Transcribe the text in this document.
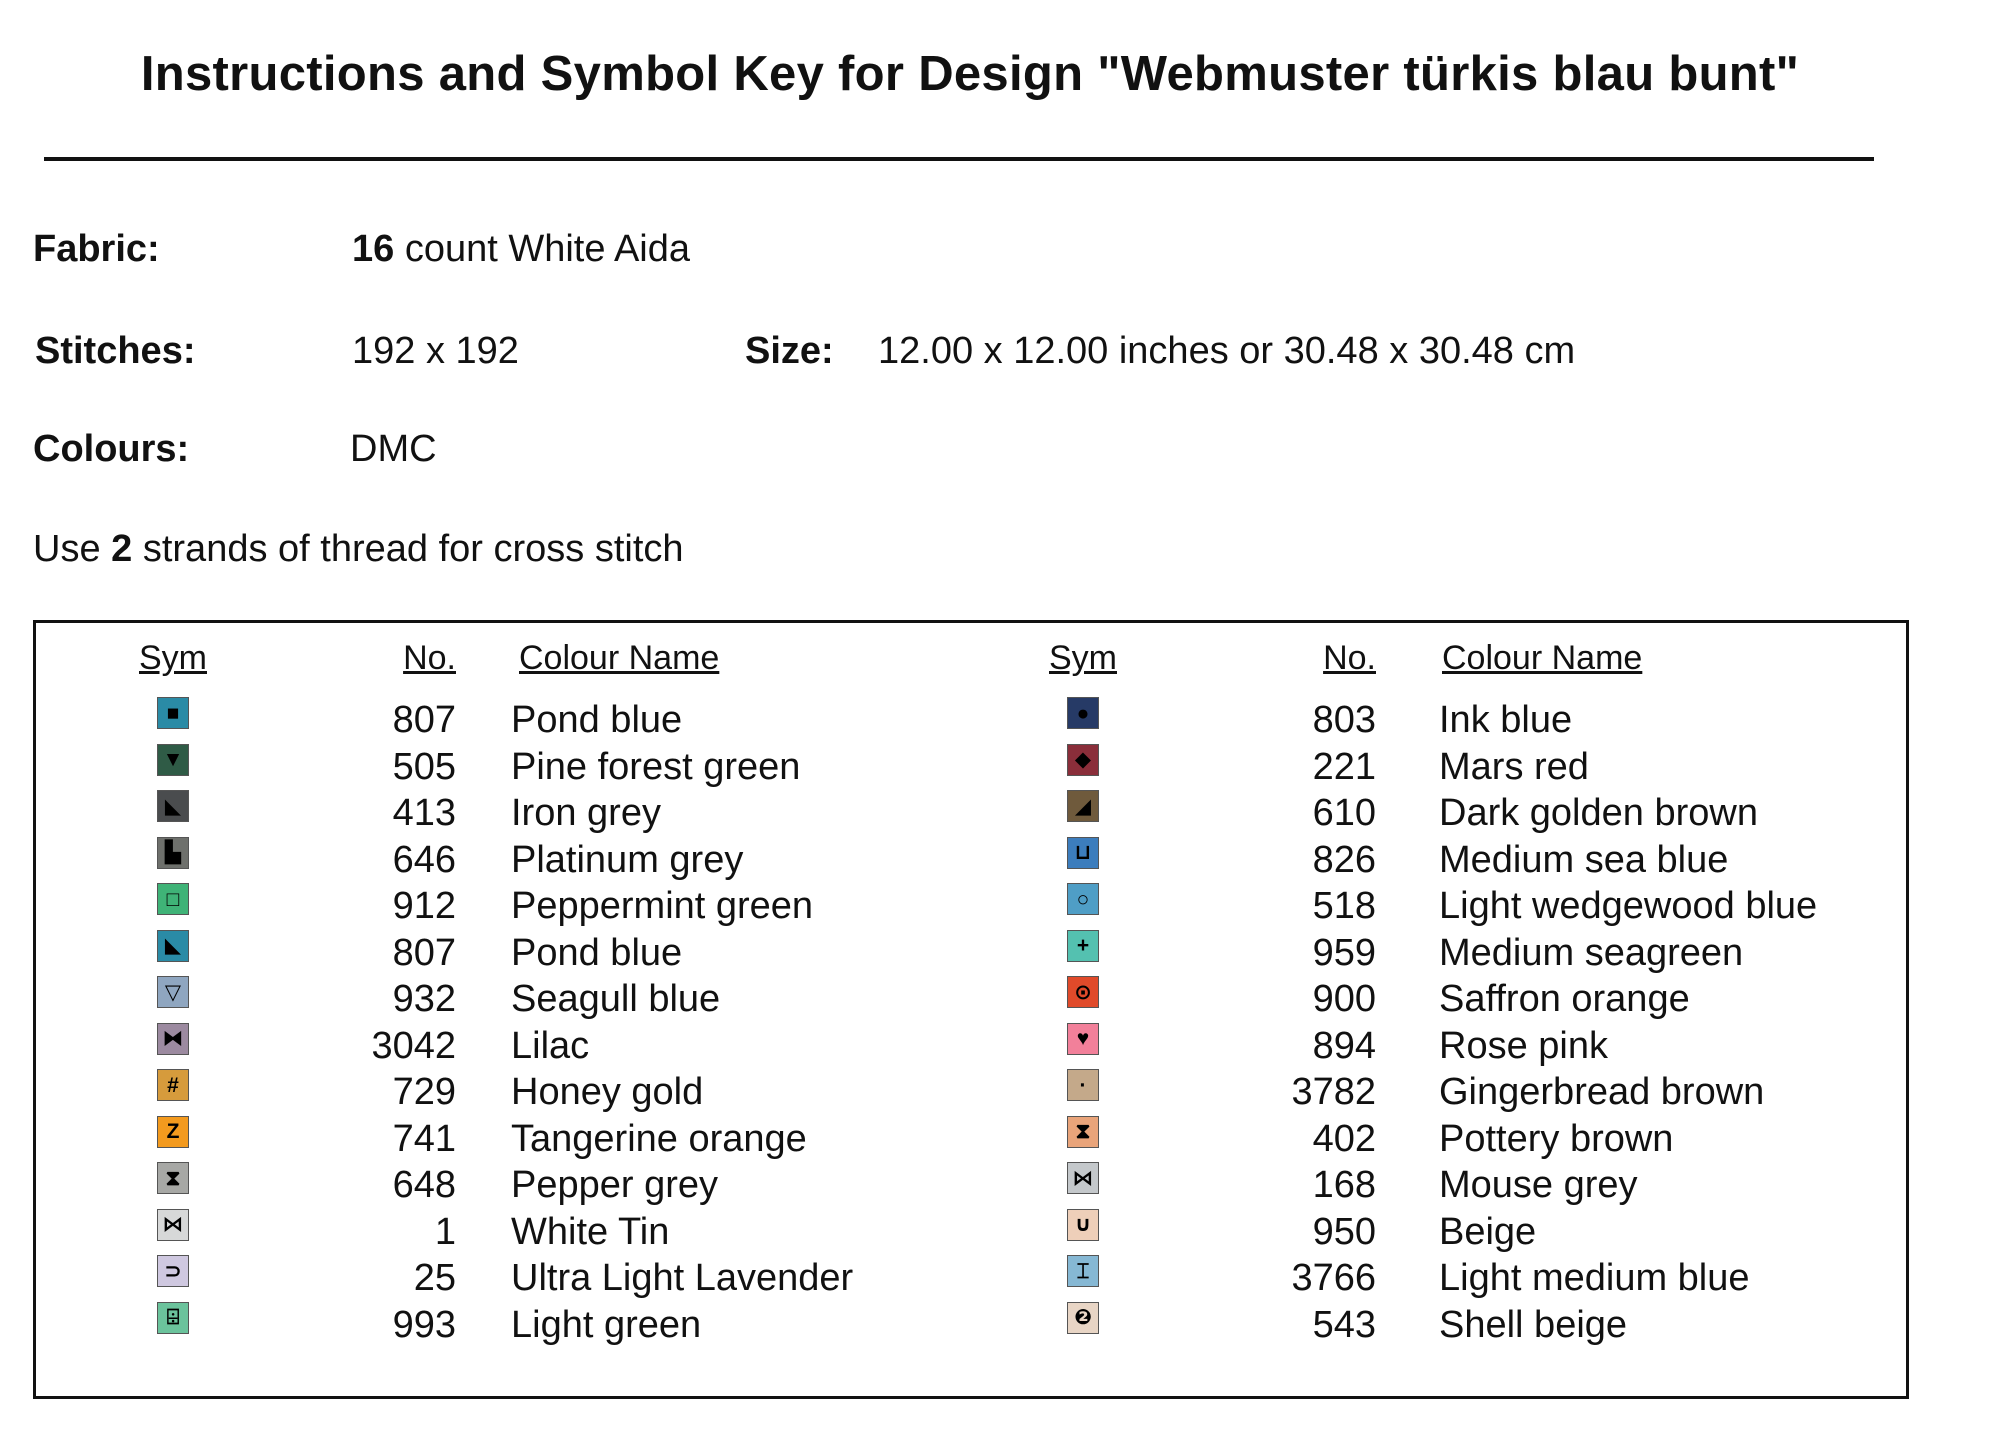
Instructions and Symbol Key for Design "Webmuster türkis blau bunt"
Fabric:	16 count White Aida
Stitches:	192 x 192	Size: 12.00 x 12.00 inches or 30.48 x 30.48 cm
Colours:	DMC
Use 2 strands of thread for cross stitch
Sym	No. Colour Name	Sym	No. Colour Name
■	807 Pond blue	●	803 Ink blue
▼	505 Pine forest green	◆	221 Mars red
◣	413 Iron grey	◢	610 Dark golden brown
▙	646 Platinum grey	⊔	826 Medium sea blue
□	912 Peppermint green	○	518 Light wedgewood blue
◣	807 Pond blue	+	959 Medium seagreen
▽	932 Seagull blue	⊙	900 Saffron orange
⧓	3042 Lilac	♥	894 Rose pink
#	729 Honey gold	·	3782 Gingerbread brown
Z	741 Tangerine orange	⧗	402 Pottery brown
⧗	648 Pepper grey	⋈	168 Mouse grey
⋈	1 White Tin	∪	950 Beige
⊃	25 Ultra Light Lavender	⌶	3766 Light medium blue
⌹	993 Light green	❷	543 Shell beige
